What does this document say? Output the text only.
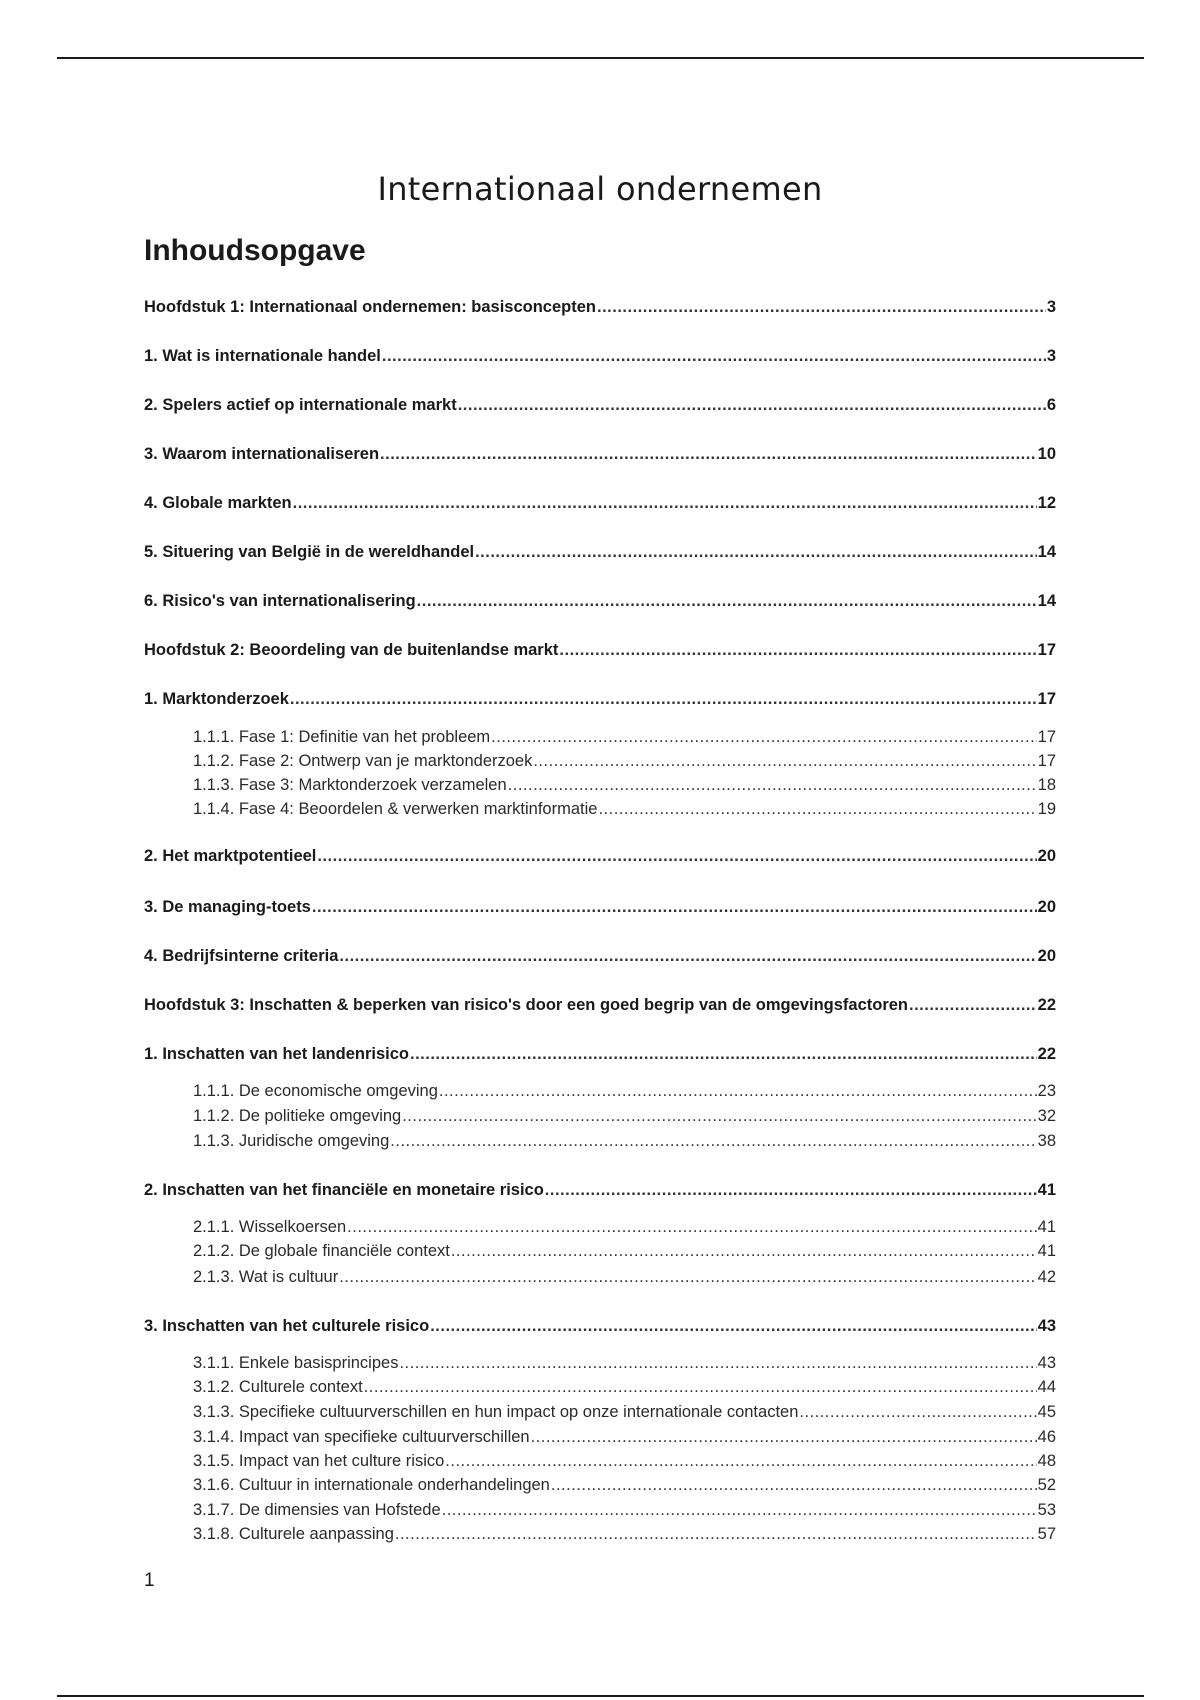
Internationaal ondernemen
Inhoudsopgave
Hoofdstuk 1: Internationaal ondernemen: basisconcepten .....	3
1. Wat is internationale handel .....	3
2. Spelers actief op internationale markt .....	6
3. Waarom internationaliseren .....	10
4. Globale markten .....	12
5. Situering van België in de wereldhandel .....	14
6. Risico's van internationalisering .....	14
Hoofdstuk 2: Beoordeling van de buitenlandse markt .....	17
1. Marktonderzoek .....	17
1.1.1. Fase 1: Definitie van het probleem .....	17
1.1.2. Fase 2: Ontwerp van je marktonderzoek .....	17
1.1.3. Fase 3: Marktonderzoek verzamelen .....	18
1.1.4. Fase 4: Beoordelen & verwerken marktinformatie .....	19
2. Het marktpotentieel .....	20
3. De managing-toets .....	20
4. Bedrijfsinterne criteria .....	20
Hoofdstuk 3: Inschatten & beperken van risico's door een goed begrip van de omgevingsfactoren .....	22
1. Inschatten van het landenrisico .....	22
1.1.1. De economische omgeving .....	23
1.1.2. De politieke omgeving .....	32
1.1.3. Juridische omgeving .....	38
2. Inschatten van het financiële en monetaire risico .....	41
2.1.1. Wisselkoersen .....	41
2.1.2. De globale financiële context .....	41
2.1.3. Wat is cultuur .....	42
3. Inschatten van het culturele risico .....	43
3.1.1. Enkele basisprincipes .....	43
3.1.2. Culturele context .....	44
3.1.3. Specifieke cultuurverschillen en hun impact op onze internationale contacten .....	45
3.1.4. Impact van specifieke cultuurverschillen .....	46
3.1.5. Impact van het culture risico .....	48
3.1.6. Cultuur in internationale onderhandelingen .....	52
3.1.7. De dimensies van Hofstede .....	53
3.1.8. Culturele aanpassing .....	57
1
